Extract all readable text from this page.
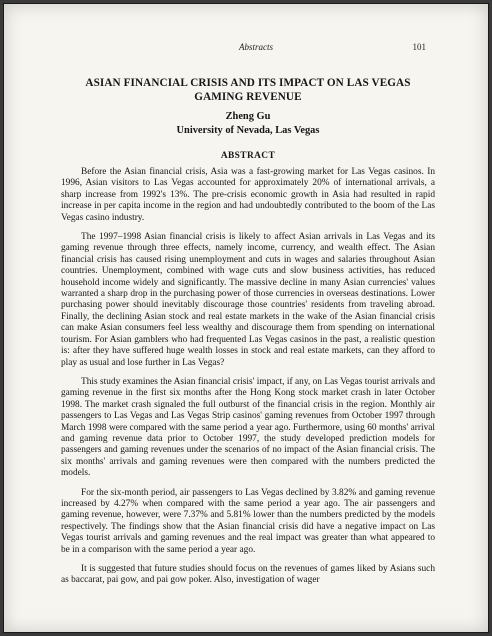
Abstracts	101
ASIAN FINANCIAL CRISIS AND ITS IMPACT ON LAS VEGAS GAMING REVENUE

Zheng Gu

University of Nevada, Las Vegas

ABSTRACT

Before the Asian financial crisis, Asia was a fast-growing market for Las Vegas casinos. In 1996, Asian visitors to Las Vegas accounted for approximately 20% of international arrivals, a sharp increase from 1992's 13%. The pre-crisis economic growth in Asia had resulted in rapid increase in per capita income in the region and had undoubtedly contributed to the boom of the Las Vegas casino industry.

The 1997–1998 Asian financial crisis is likely to affect Asian arrivals in Las Vegas and its gaming revenue through three effects, namely income, currency, and wealth effect. The Asian financial crisis has caused rising unemployment and cuts in wages and salaries throughout Asian countries. Unemployment, combined with wage cuts and slow business activities, has reduced household income widely and significantly. The massive decline in many Asian currencies' values warranted a sharp drop in the purchasing power of those currencies in overseas destinations. Lower purchasing power should inevitably discourage those countries' residents from traveling abroad. Finally, the declining Asian stock and real estate markets in the wake of the Asian financial crisis can make Asian consumers feel less wealthy and discourage them from spending on international tourism. For Asian gamblers who had frequented Las Vegas casinos in the past, a realistic question is: after they have suffered huge wealth losses in stock and real estate markets, can they afford to play as usual and lose further in Las Vegas?

This study examines the Asian financial crisis' impact, if any, on Las Vegas tourist arrivals and gaming revenue in the first six months after the Hong Kong stock market crash in later October 1998. The market crash signaled the full outburst of the financial crisis in the region. Monthly air passengers to Las Vegas and Las Vegas Strip casinos' gaming revenues from October 1997 through March 1998 were compared with the same period a year ago. Furthermore, using 60 months' arrival and gaming revenue data prior to October 1997, the study developed prediction models for passengers and gaming revenues under the scenarios of no impact of the Asian financial crisis. The six months' arrivals and gaming revenues were then compared with the numbers predicted the models.

For the six-month period, air passengers to Las Vegas declined by 3.82% and gaming revenue increased by 4.27% when compared with the same period a year ago. The air passengers and gaming revenue, however, were 7.37% and 5.81% lower than the numbers predicted by the models respectively. The findings show that the Asian financial crisis did have a negative impact on Las Vegas tourist arrivals and gaming revenues and the real impact was greater than what appeared to be in a comparison with the same period a year ago.

It is suggested that future studies should focus on the revenues of games liked by Asians such as baccarat, pai gow, and pai gow poker. Also, investigation of wager
